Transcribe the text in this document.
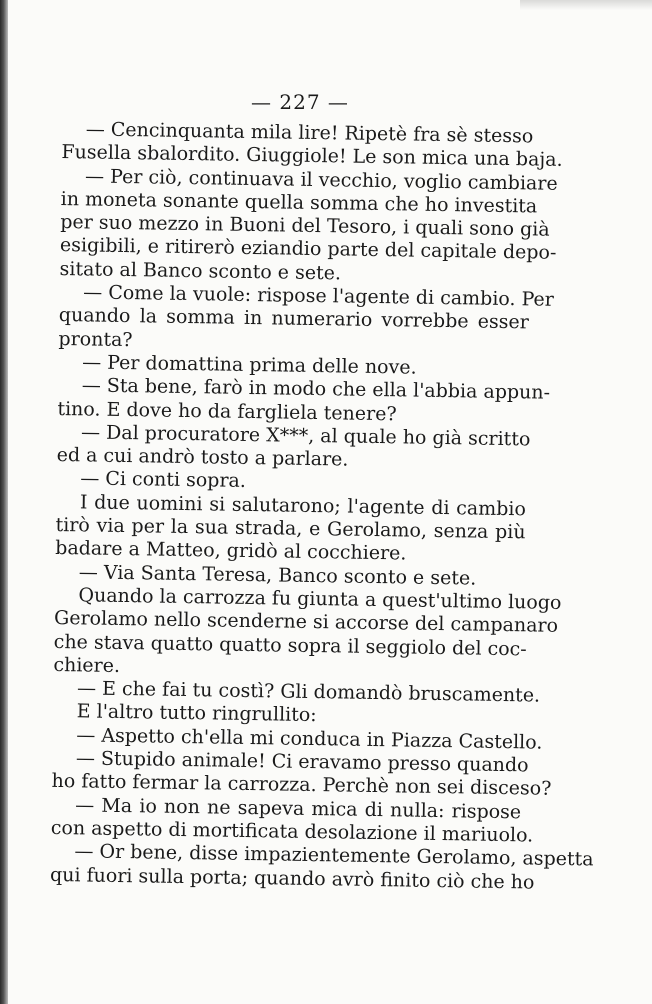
— 227 —
— Cencinquanta mila lire! Ripetè fra sè stesso
Fusella sbalordito. Giuggiole! Le son mica una baja.
— Per ciò, continuava il vecchio, voglio cambiare
in moneta sonante quella somma che ho investita
per suo mezzo in Buoni del Tesoro, i quali sono già
esigibili, e ritirerò eziandio parte del capitale depo-
sitato al Banco sconto e sete.
— Come la vuole: rispose l'agente di cambio. Per
quando la somma in numerario vorrebbe esser
pronta?
— Per domattina prima delle nove.
— Sta bene, farò in modo che ella l'abbia appun-
tino. E dove ho da fargliela tenere?
— Dal procuratore X***, al quale ho già scritto
ed a cui andrò tosto a parlare.
— Ci conti sopra.
I due uomini si salutarono; l'agente di cambio
tirò via per la sua strada, e Gerolamo, senza più
badare a Matteo, gridò al cocchiere.
— Via Santa Teresa, Banco sconto e sete.
Quando la carrozza fu giunta a quest'ultimo luogo
Gerolamo nello scenderne si accorse del campanaro
che stava quatto quatto sopra il seggiolo del coc-
chiere.
— E che fai tu costì? Gli domandò bruscamente.
E l'altro tutto ringrullito:
— Aspetto ch'ella mi conduca in Piazza Castello.
— Stupido animale! Ci eravamo presso quando
ho fatto fermar la carrozza. Perchè non sei disceso?
— Ma io non ne sapeva mica di nulla: rispose
con aspetto di mortificata desolazione il mariuolo.
— Or bene, disse impazientemente Gerolamo, aspetta
qui fuori sulla porta; quando avrò finito ciò che ho
